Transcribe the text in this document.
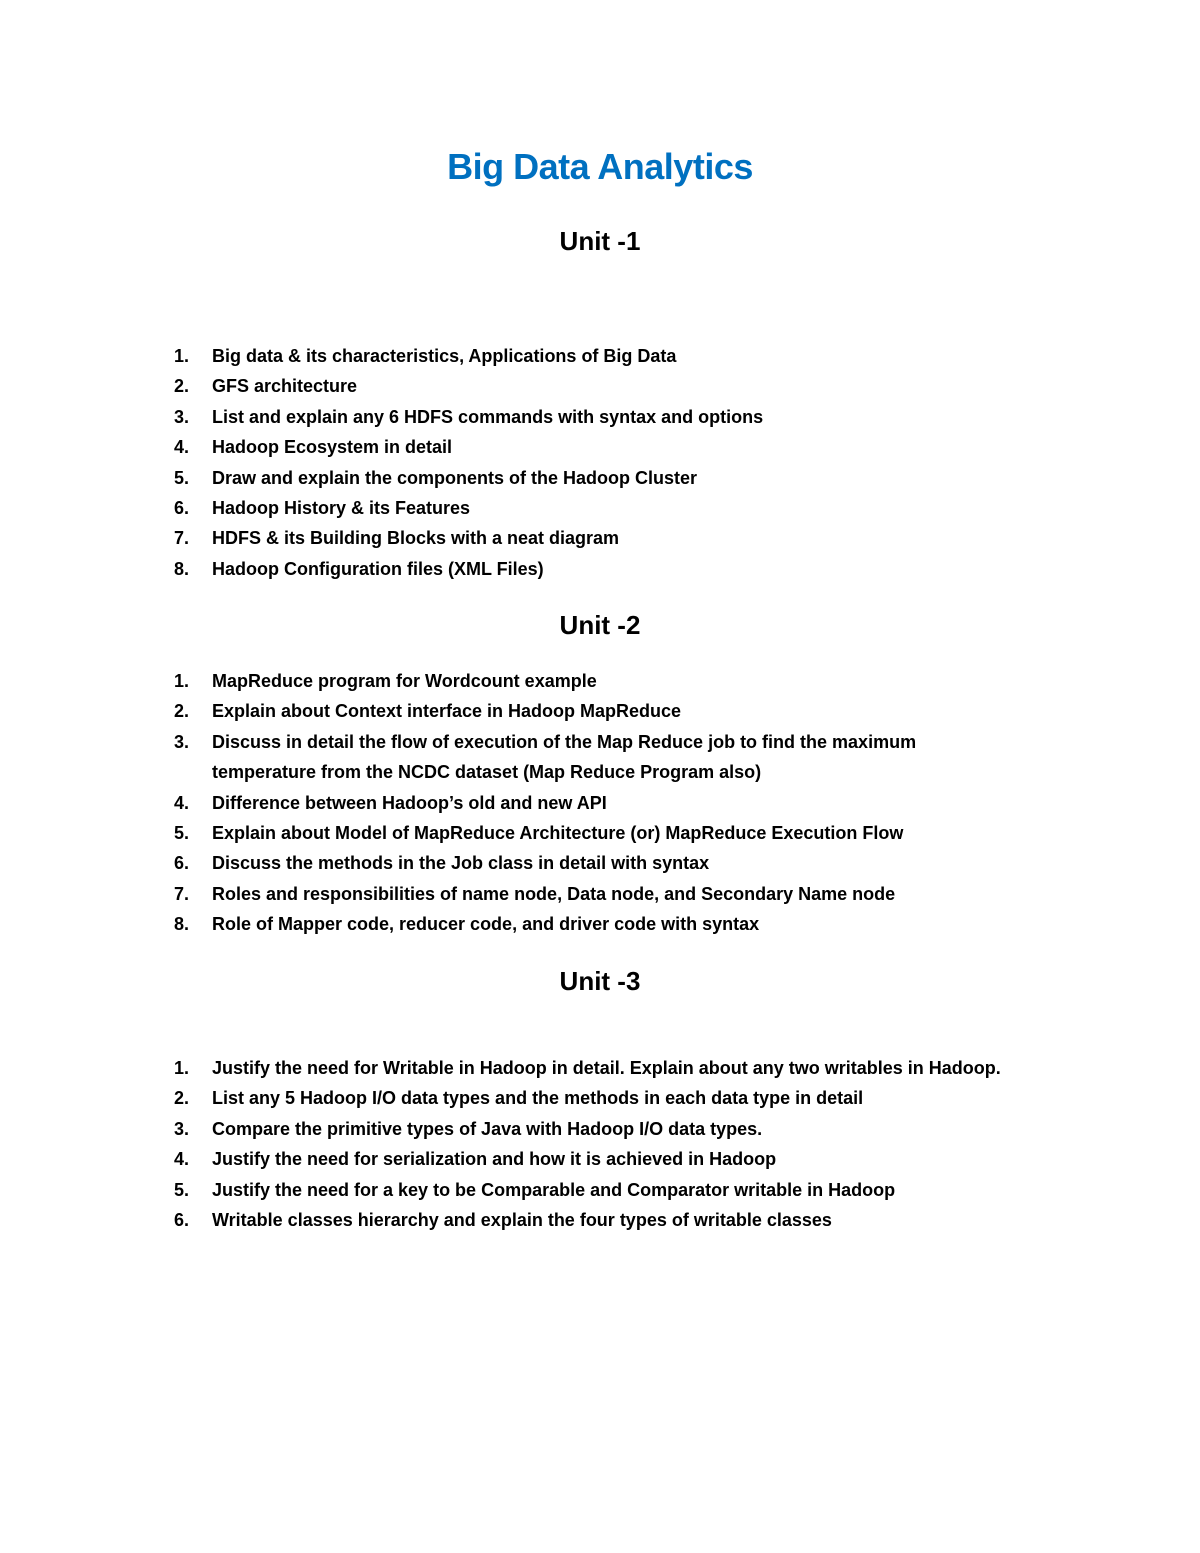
Big Data Analytics
Unit -1
1. Big data & its characteristics, Applications of Big Data
2. GFS architecture
3. List and explain any 6 HDFS commands with syntax and options
4. Hadoop Ecosystem in detail
5. Draw and explain the components of the Hadoop Cluster
6. Hadoop History & its Features
7. HDFS & its Building Blocks with a neat diagram
8. Hadoop Configuration files (XML Files)
Unit -2
1. MapReduce program for Wordcount example
2. Explain about Context interface in Hadoop MapReduce
3. Discuss in detail the flow of execution of the Map Reduce job to find the maximum temperature from the NCDC dataset (Map Reduce Program also)
4. Difference between Hadoop’s old and new API
5. Explain about Model of MapReduce Architecture (or) MapReduce Execution Flow
6. Discuss the methods in the Job class in detail with syntax
7. Roles and responsibilities of name node, Data node, and Secondary Name node
8. Role of Mapper code, reducer code, and driver code with syntax
Unit -3
1. Justify the need for Writable in Hadoop in detail. Explain about any two writables in Hadoop.
2. List any 5 Hadoop I/O data types and the methods in each data type in detail
3. Compare the primitive types of Java with Hadoop I/O data types.
4. Justify the need for serialization and how it is achieved in Hadoop
5. Justify the need for a key to be Comparable and Comparator writable in Hadoop
6. Writable classes hierarchy and explain the four types of writable classes
